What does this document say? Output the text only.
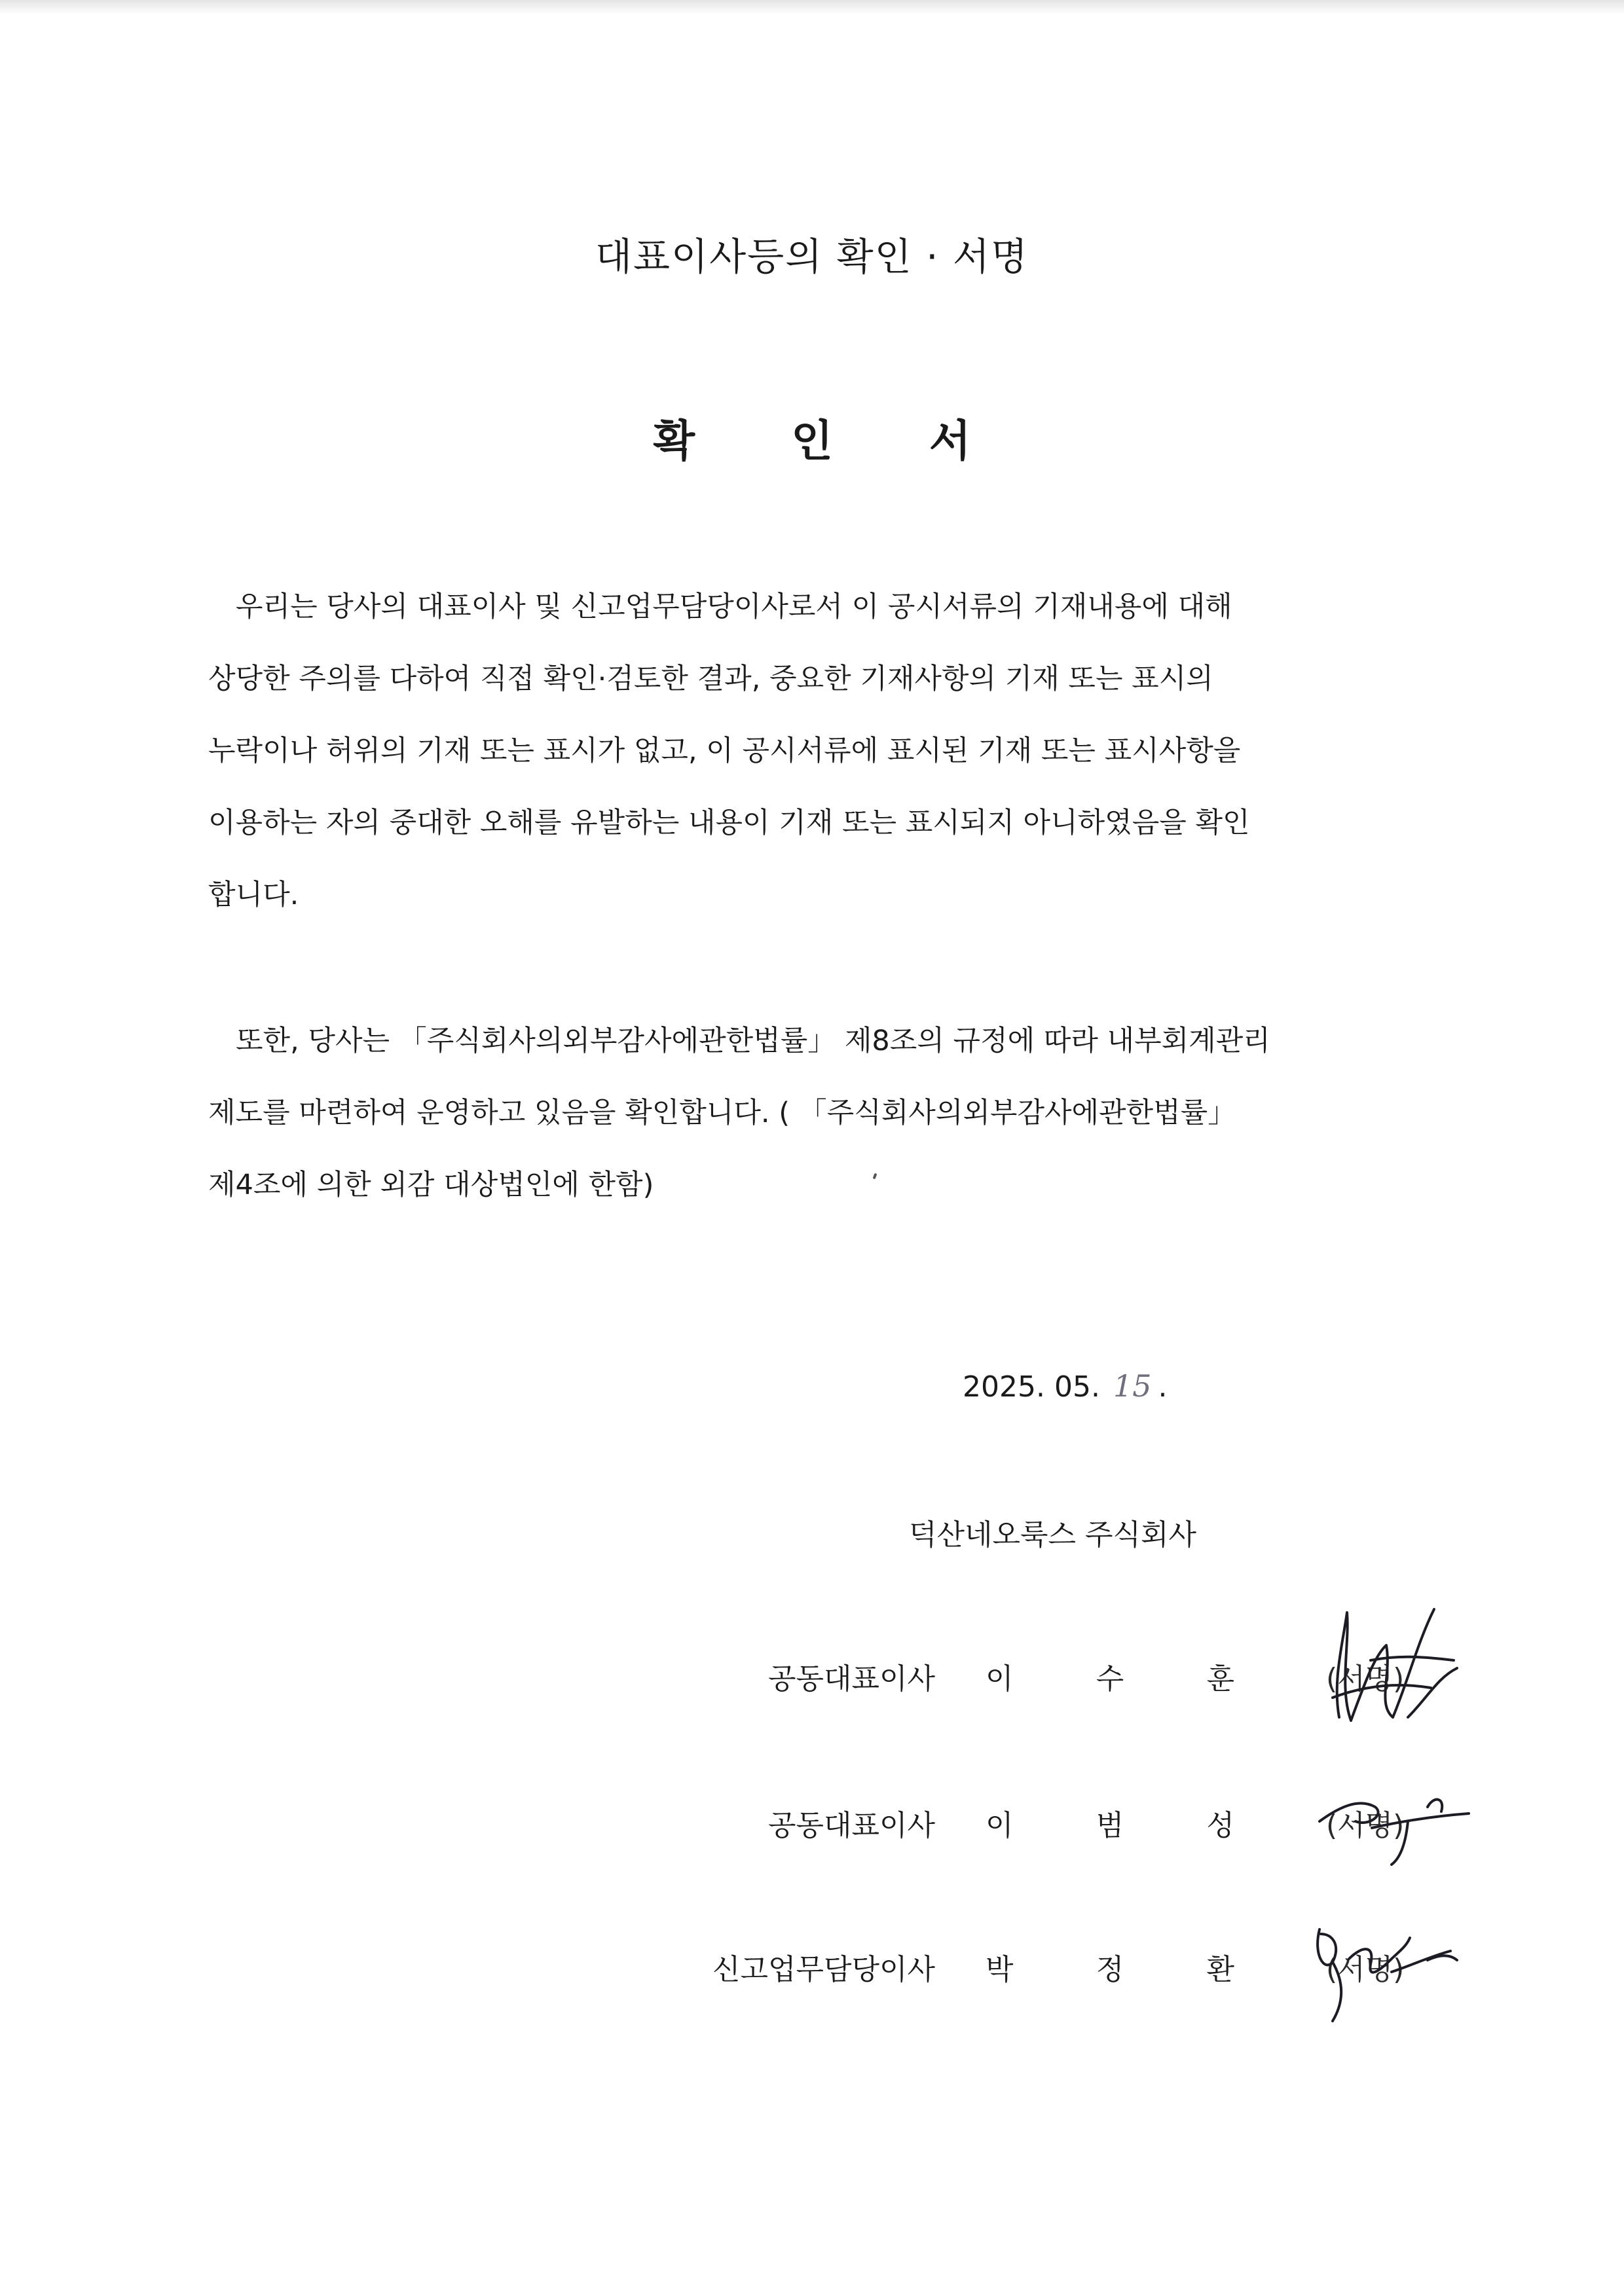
대표이사등의 확인 · 서명
확 인 서
우리는 당사의 대표이사 및 신고업무담당이사로서 이 공시서류의 기재내용에 대해
상당한 주의를 다하여 직접 확인·검토한 결과, 중요한 기재사항의 기재 또는 표시의
누락이나 허위의 기재 또는 표시가 없고, 이 공시서류에 표시된 기재 또는 표시사항을
이용하는 자의 중대한 오해를 유발하는 내용이 기재 또는 표시되지 아니하였음을 확인
합니다.
또한, 당사는 「주식회사의외부감사에관한법률」 제8조의 규정에 따라 내부회계관리
제도를 마련하여 운영하고 있음을 확인합니다. ( 「주식회사의외부감사에관한법률」
제4조에 의한 외감 대상법인에 한함)
2025. 05. 15 .
덕산네오룩스 주식회사
공동대표이사 이	수	훈	(서명)
공동대표이사 이	범	성	(서명)
신고업무담당이사 박	정	환	(서명)
